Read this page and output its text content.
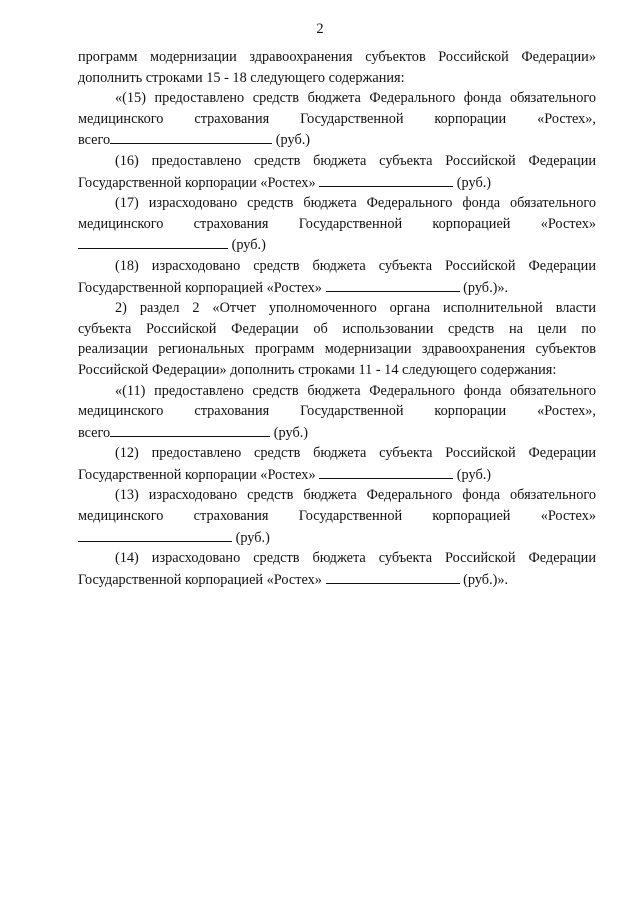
2

программ модернизации здравоохранения субъектов Российской Федерации»

дополнить строками 15 - 18 следующего содержания:

«(15) предоставлено средств бюджета Федерального фонда обязательного

медицинского страхования Государственной корпорации «Ростех»,

всего	(руб.)

(16) предоставлено средств бюджета субъекта Российской Федерации

Государственной корпорации «Ростех»	(руб.)

(17) израсходовано средств бюджета Федерального фонда обязательного

медицинского страхования Государственной корпорацией «Ростех»

(руб.)

(18) израсходовано средств бюджета субъекта Российской Федерации

Государственной корпорацией «Ростех»	(руб.)».

2) раздел 2 «Отчет уполномоченного органа исполнительной власти

субъекта Российской Федерации об использовании средств на цели по

реализации региональных программ модернизации здравоохранения субъектов

Российской Федерации» дополнить строками 11 - 14 следующего содержания:

«(11) предоставлено средств бюджета Федерального фонда обязательного

медицинского страхования Государственной корпорации «Ростех»,

всего	(руб.)

(12) предоставлено средств бюджета субъекта Российской Федерации

Государственной корпорации «Ростех»	(руб.)

(13) израсходовано средств бюджета Федерального фонда обязательного

медицинского страхования Государственной корпорацией «Ростех»

(руб.)

(14) израсходовано средств бюджета субъекта Российской Федерации

Государственной корпорацией «Ростех»	(руб.)».
